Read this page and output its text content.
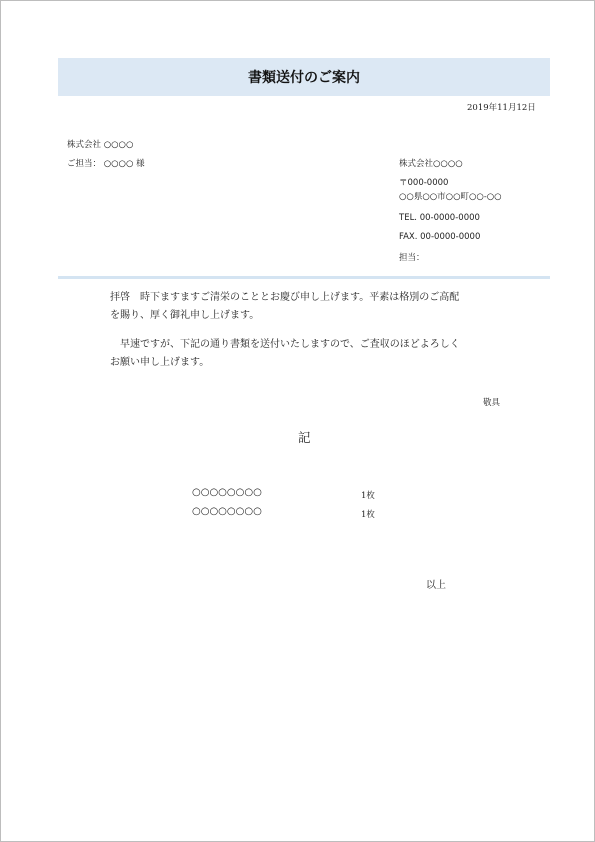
書類送付のご案内
2019年11月12日
株式会社 ○○○○
ご担当： ○○○○ 様	株式会社○○○○
〒000-0000
○○県○○市○○町○○-○○
TEL. 00-0000-0000
FAX. 00-0000-0000
担当：
拝啓　時下ますますご清栄のこととお慶び申し上げます。平素は格別のご高配
を賜り、厚く御礼申し上げます。
　早速ですが、下記の通り書類を送付いたしますので、ご査収のほどよろしく
お願い申し上げます。
敬具
記
○○○○○○○○	1枚
○○○○○○○○	1枚
以上
